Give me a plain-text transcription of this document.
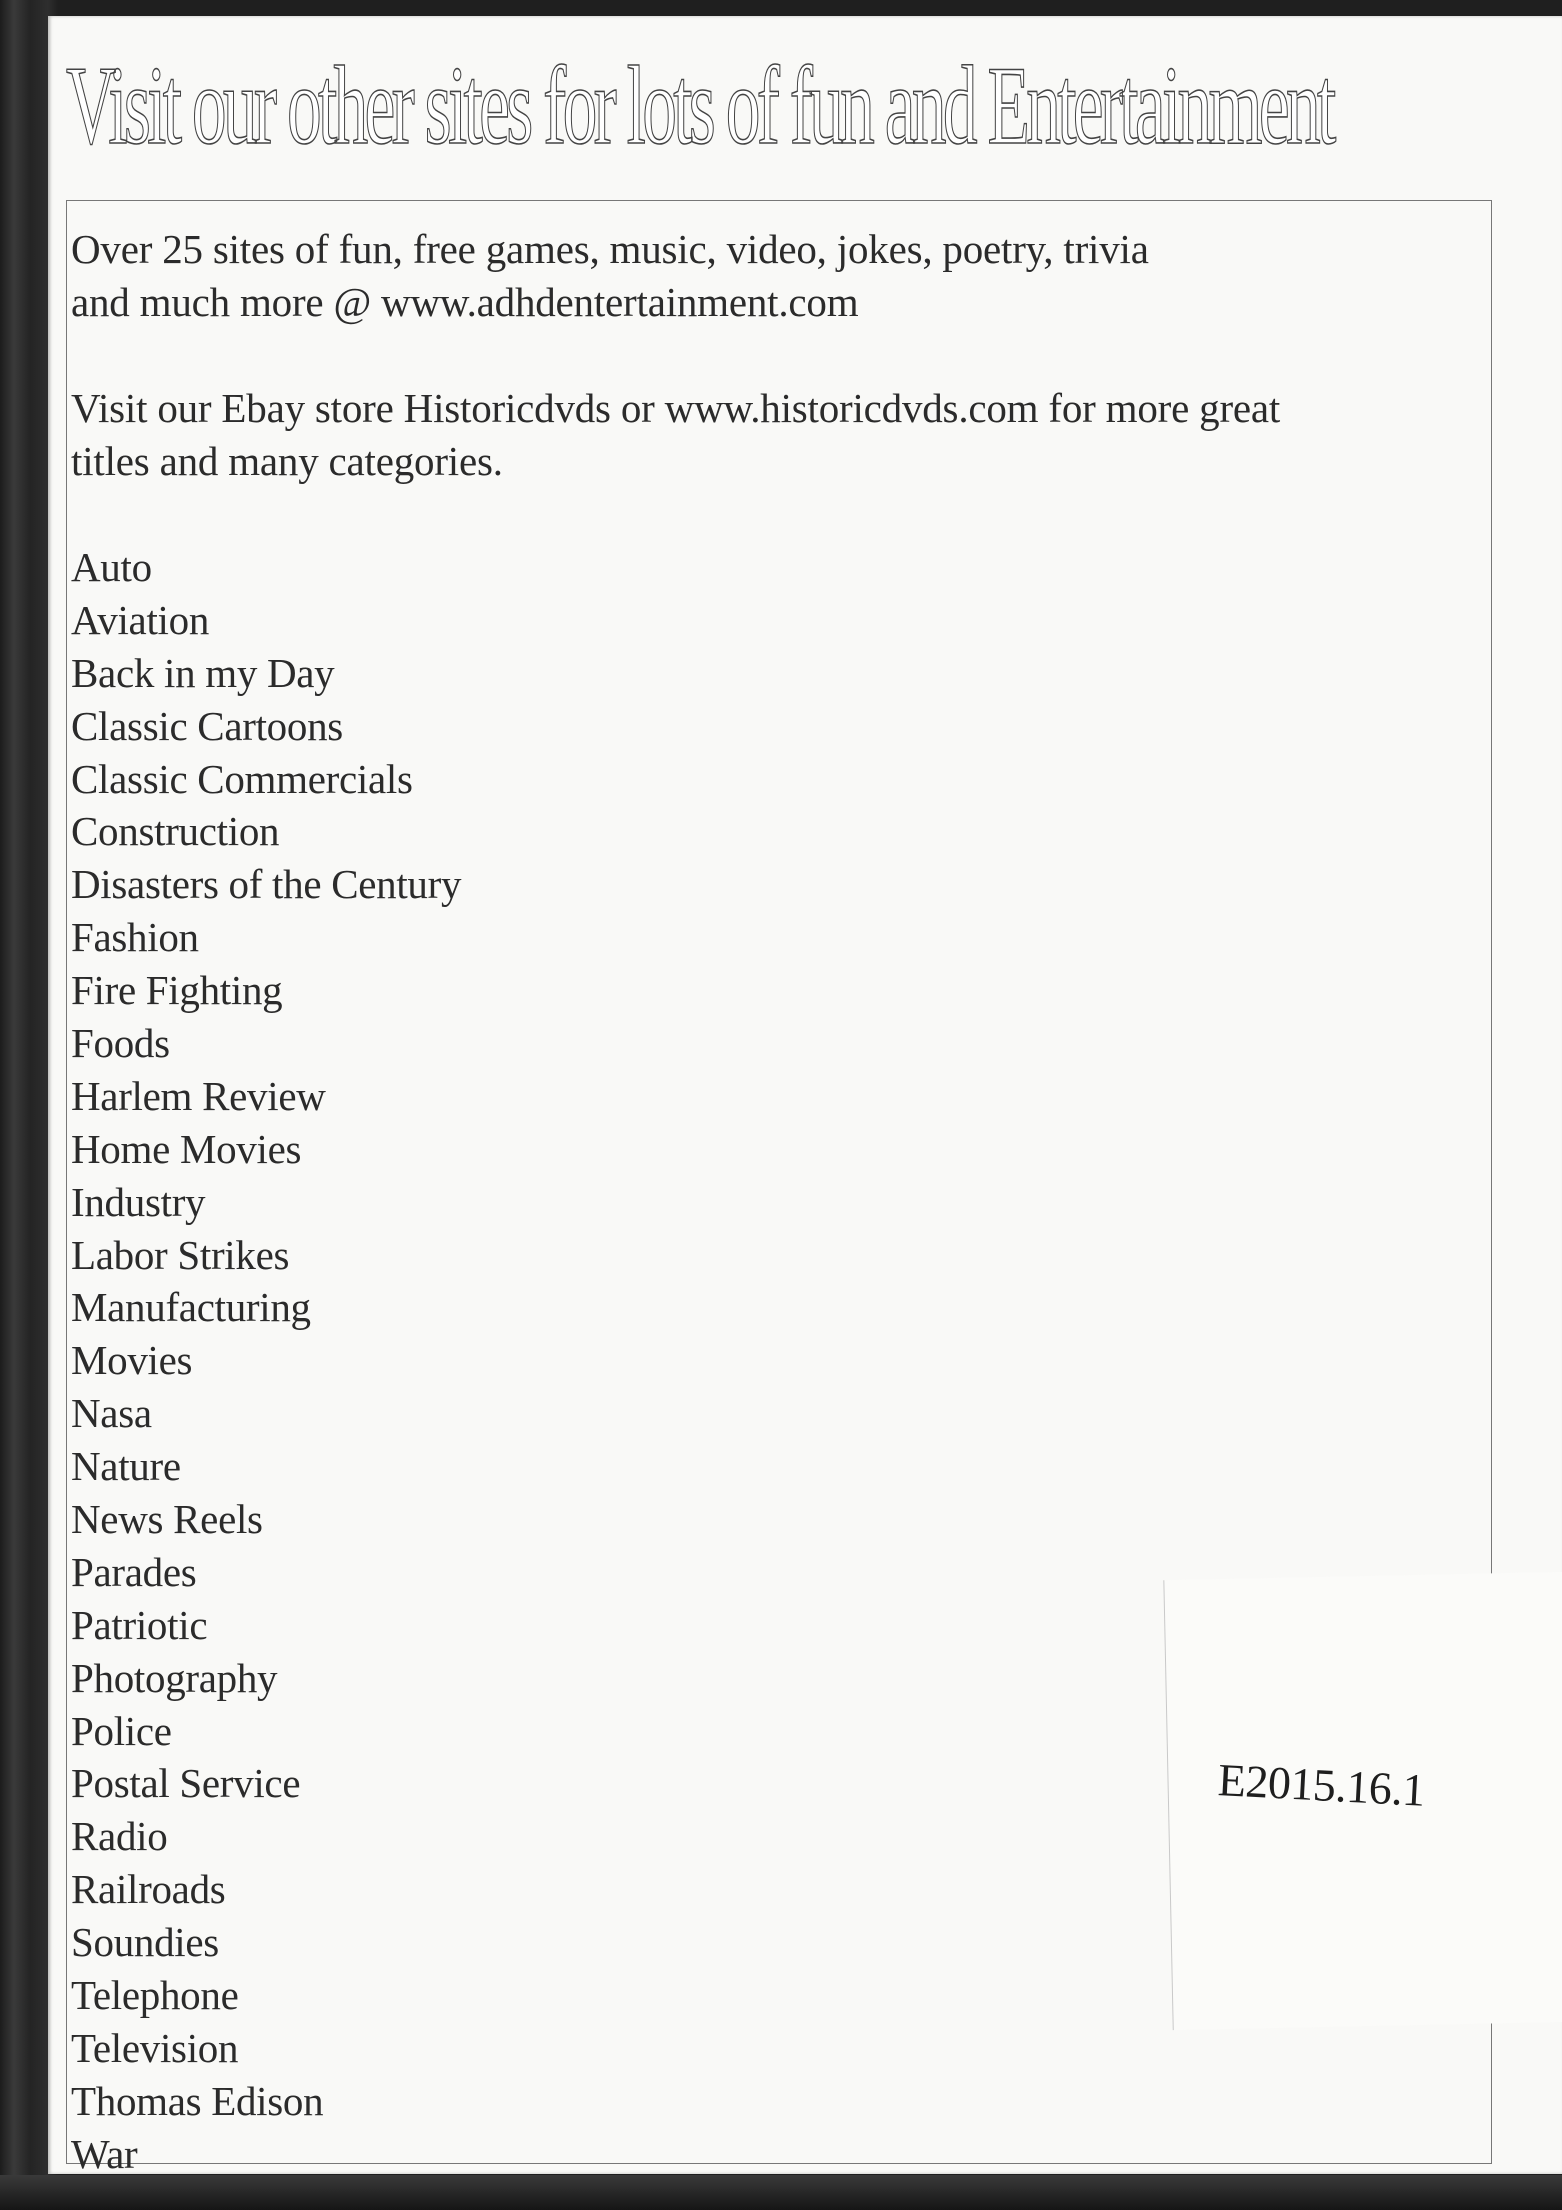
Visit our other sites for lots of fun and Entertainment

Over 25 sites of fun, free games, music, video, jokes, poetry, trivia
and much more @ www.adhdentertainment.com

Visit our Ebay store Historicdvds or www.historicdvds.com for more great
titles and many categories.

Auto
Aviation
Back in my Day
Classic Cartoons
Classic Commercials
Construction
Disasters of the Century
Fashion
Fire Fighting
Foods
Harlem Review
Home Movies
Industry
Labor Strikes
Manufacturing
Movies
Nasa
Nature
News Reels
Parades
Patriotic
Photography
Police
Postal Service
Radio
Railroads
Soundies
Telephone
Television
Thomas Edison
War
E2015.16.1
